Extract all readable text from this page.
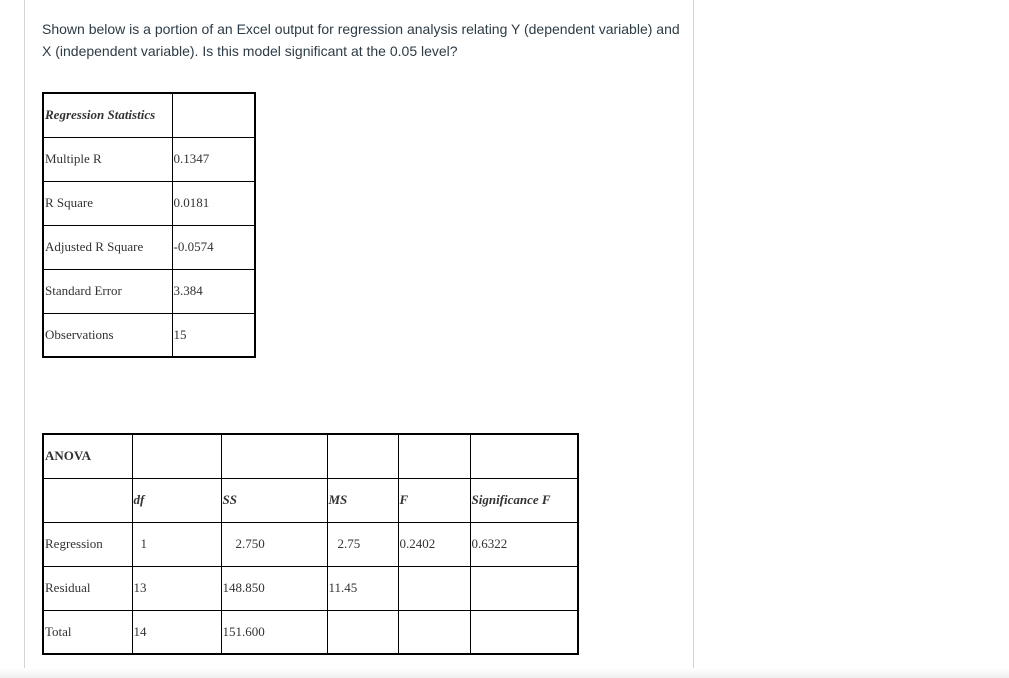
Shown below is a portion of an Excel output for regression analysis relating Y (dependent variable) and X (independent variable). Is this model significant at the 0.05 level?

Regression Statistics	
Multiple R	0.1347
R Square	0.0181
Adjusted R Square	-0.0574
Standard Error	3.384
Observations	15
ANOVA					
	df	SS	MS	F	Significance F
Regression	1	2.750	2.75	0.2402	0.6322
Residual	13	148.850	11.45		
Total	14	151.600			
